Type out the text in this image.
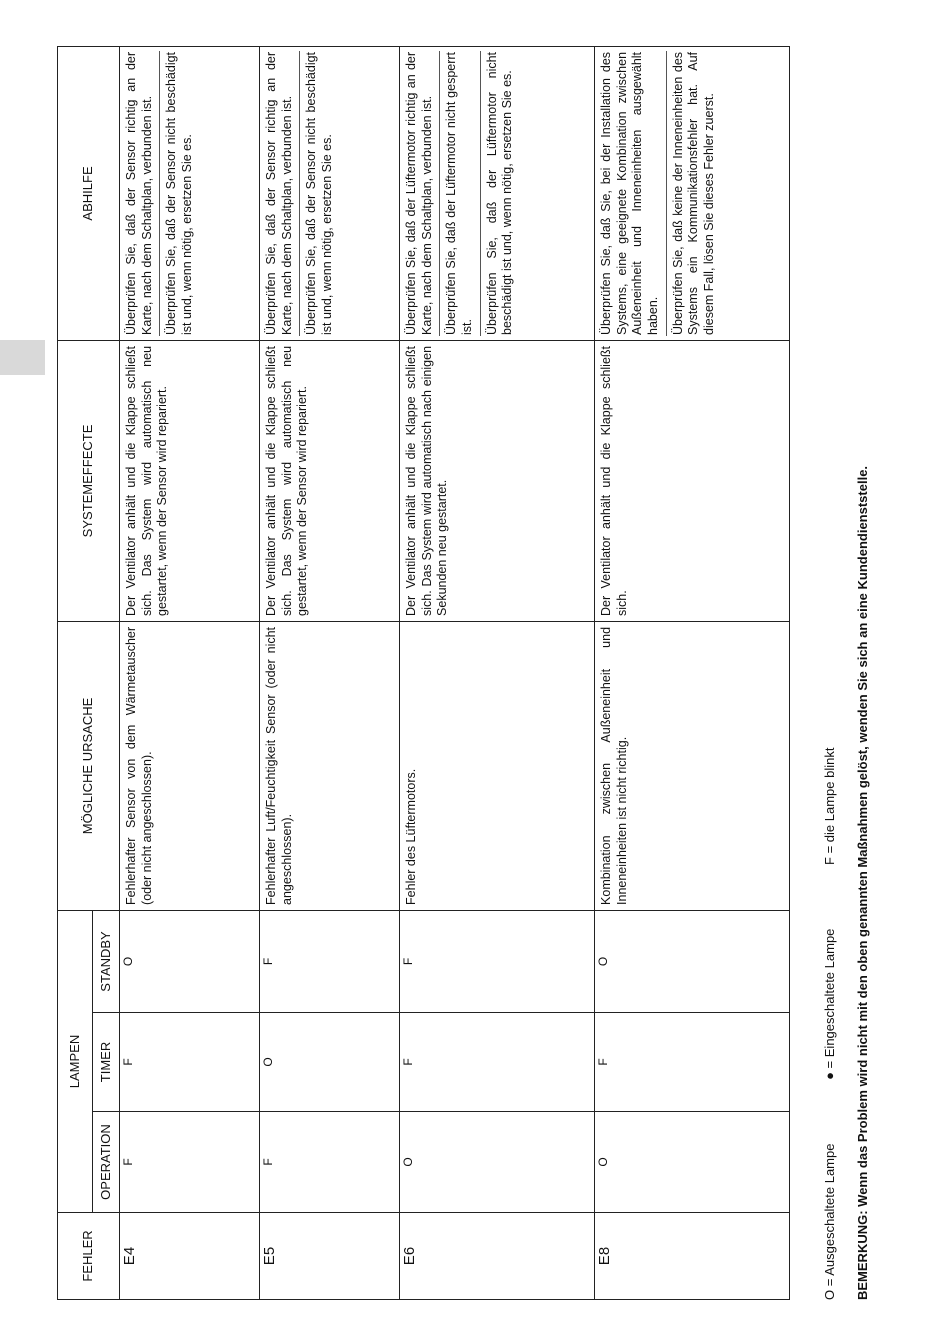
FEHLER	LAMPEN			MÖGLICHE URSACHE	SYSTEMEFFECTE	ABHILFE
	OPERATION	TIMER	STANDBY			
E4	F	F	O	Fehlerhafter Sensor von dem Wärmetauscher (oder nicht angeschlossen).	Der Ventilator anhält und die Klappe schließt sich. Das System wird automatisch neu gestartet, wenn der Sensor wird repariert.	Überprüfen Sie, daß der Sensor richtig an der Karte, nach dem Schaltplan, verbunden ist. Überprüfen Sie, daß der Sensor nicht beschädigt ist und, wenn nötig, ersetzen Sie es.

E5	F	O	F	Fehlerhafter Luft/Feuchtigkeit Sensor (oder nicht angeschlossen).	Der Ventilator anhält und die Klappe schließt sich. Das System wird automatisch neu gestartet, wenn der Sensor wird repariert.	Überprüfen Sie, daß der Sensor richtig an der Karte, nach dem Schaltplan, verbunden ist. Überprüfen Sie, daß der Sensor nicht beschädigt ist und, wenn nötig, ersetzen Sie es.

E6	O	F	F	Fehler des Lüftermotors.	Der Ventilator anhält und die Klappe schließt sich. Das System wird automatisch nach einigen Sekunden neu gestartet.	Überprüfen Sie, daß der Lüftermotor richtig an der Karte, nach dem Schaltplan, verbunden ist. Überprüfen Sie, daß der Lüftermotor nicht gesperrt ist. Überprüfen Sie, daß der Lüftermotor nicht beschädigt ist und, wenn nötig, ersetzen Sie es.

E8	O	F	O	Kombination zwischen Außeneinheit und Inneneinheiten ist nicht richtig.	Der Ventilator anhält und die Klappe schließt sich.	Überprüfen Sie, daß Sie, bei der Installation des Systems, eine geeignete Kombination zwischen Außeneinheit und Inneneinheiten ausgewählt haben. Überprüfen Sie, daß keine der Inneneinheiten des Systems ein Kommunikationsfehler hat. Auf diesem Fall, lösen Sie dieses Fehler zuerst.
O = Ausgeschaltete Lampe ● = Eingeschaltete Lampe F = die Lampe blinkt BEMERKUNG: Wenn das Problem wird nicht mit den oben genannten Maßnahmen gelöst, wenden Sie sich an eine Kundendienststelle.
